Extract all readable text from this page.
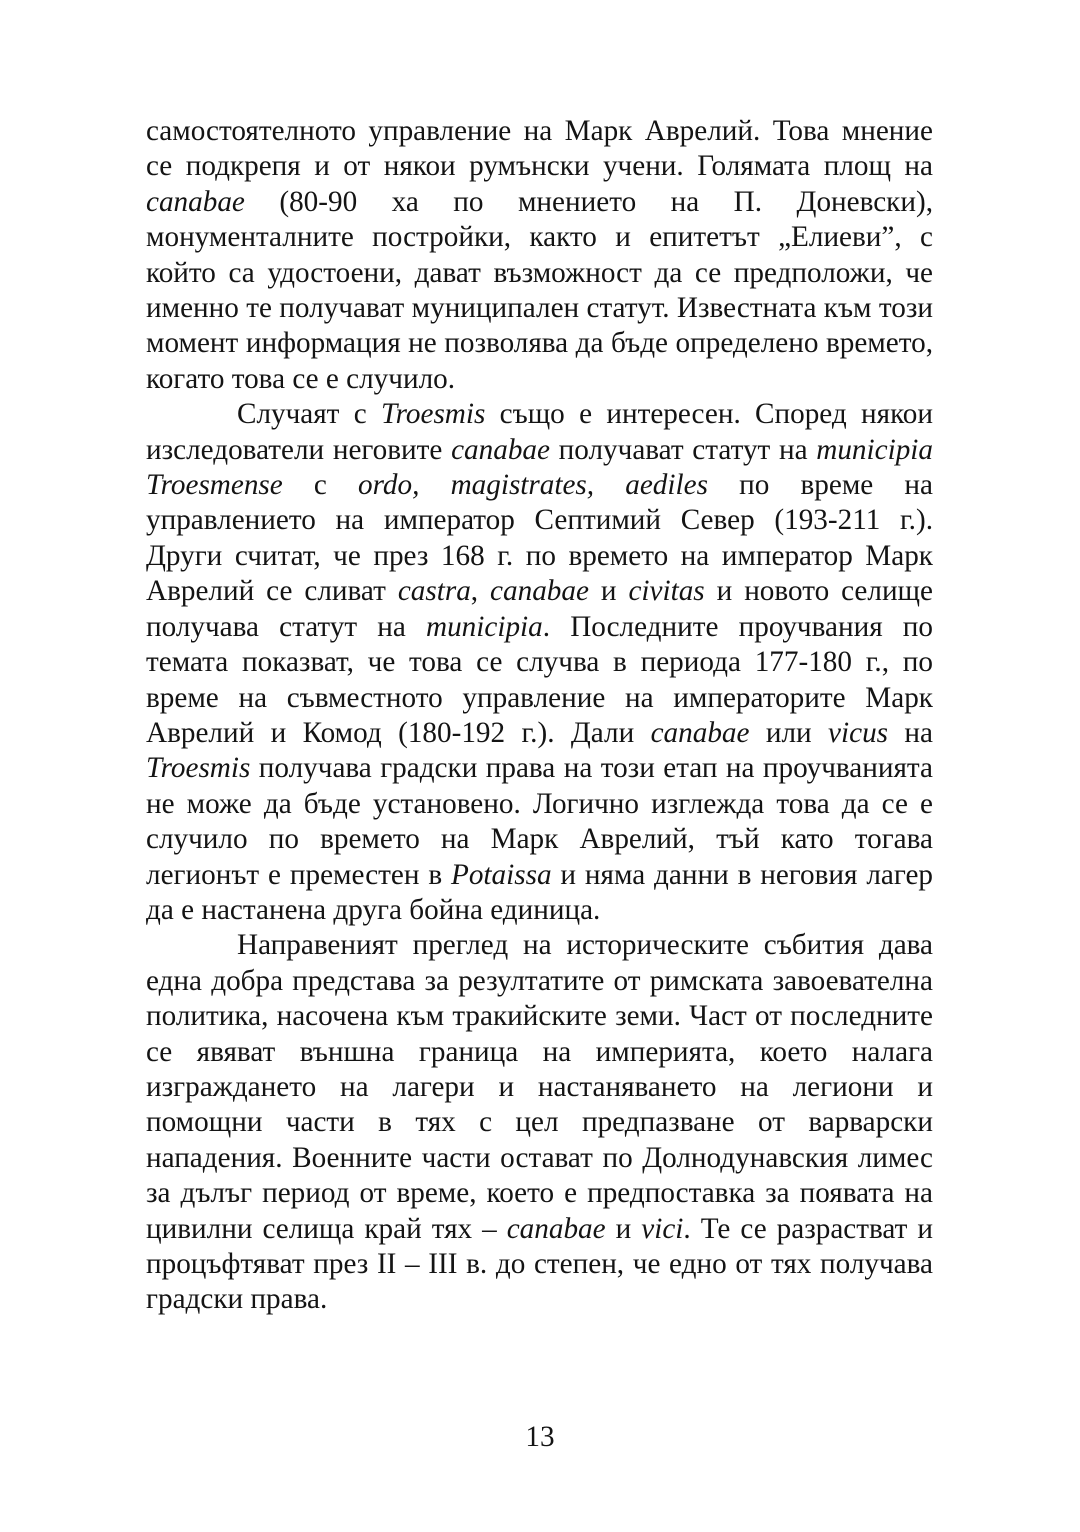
самостоятелното управление на Марк Аврелий. Това мнение се подкрепя и от някои румънски учени. Голямата площ на canabae (80-90 ха по мнението на П. Доневски), монументалните постройки, както и епитетът „Елиеви”, с който са удостоени, дават възможност да се предположи, че именно те получават муниципален статут. Известната към този момент информация не позволява да бъде определено времето, когато това се е случило.

Случаят с Troesmis също е интересен. Според някои изследователи неговите canabae получават статут на municipia Troesmense с ordo, magistrates, aediles по време на управлението на император Септимий Север (193-211 г.). Други считат, че през 168 г. по времето на император Марк Аврелий се сливат castra, canabae и civitas и новото селище получава статут на municipia. Последните проучвания по темата показват, че това се случва в периода 177-180 г., по време на съвместното управление на императорите Марк Аврелий и Комод (180-192 г.). Дали canabae или vicus на Troesmis получава градски права на този етап на проучванията не може да бъде установено. Логично изглежда това да се е случило по времето на Марк Аврелий, тъй като тогава легионът е преместен в Potaissa и няма данни в неговия лагер да е настанена друга бойна единица.

Направеният преглед на историческите събития дава една добра представа за резултатите от римската завоевателна политика, насочена към тракийските земи. Част от последните се явяват външна граница на империята, което налага изграждането на лагери и настаняването на легиони и помощни части в тях с цел предпазване от варварски нападения. Военните части остават по Долнодунавския лимес за дълъг период от време, което е предпоставка за появата на цивилни селища край тях – canabae и vici. Те се разрастват и процъфтяват през II – III в. до степен, че едно от тях получава градски права.

13
